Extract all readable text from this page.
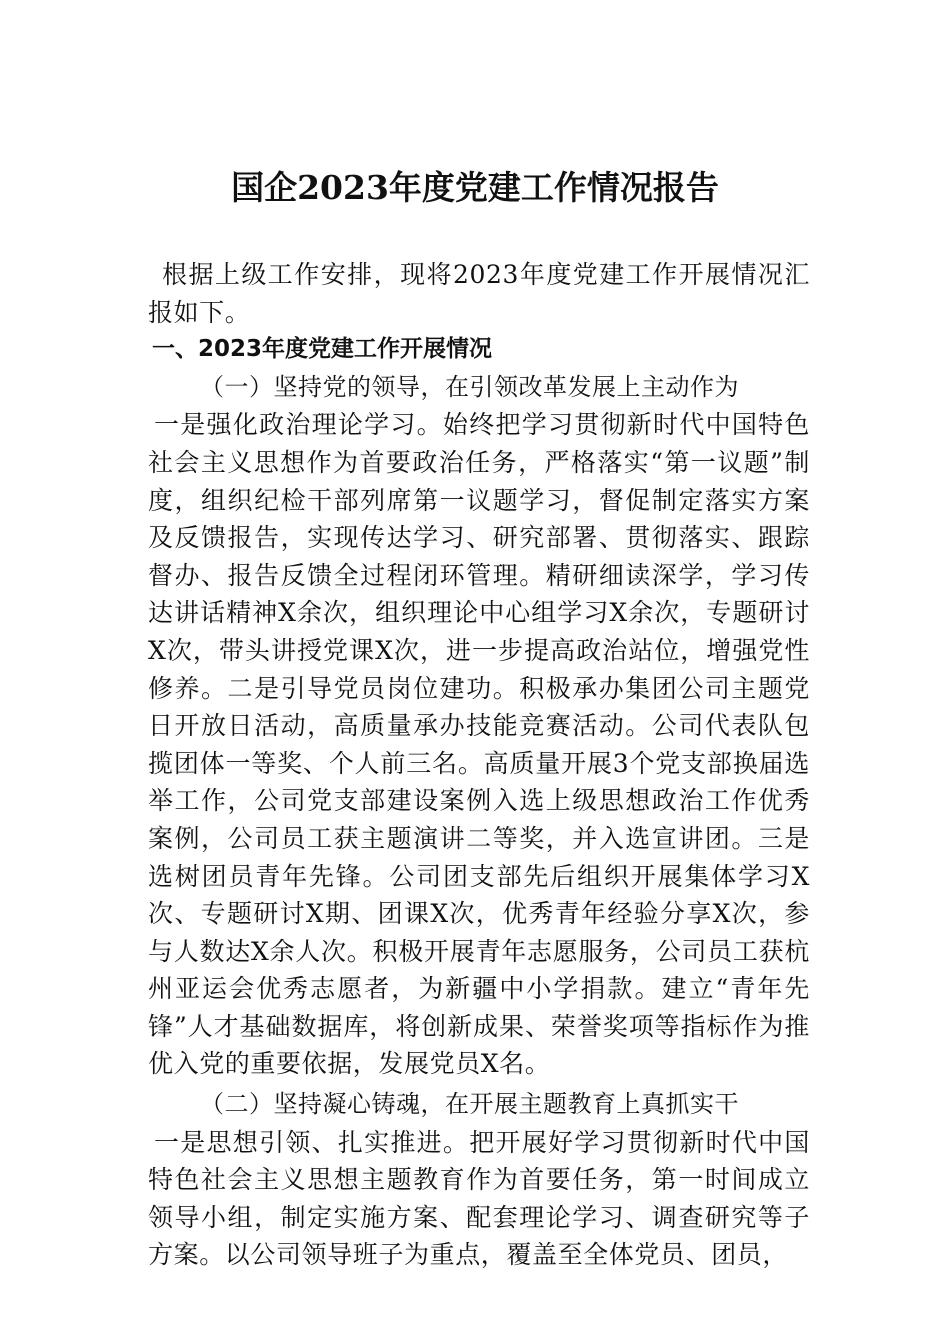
国企2023年度党建工作情况报告

根据上级工作安排，现将2023年度党建工作开展情况汇报如下。

一、2023年度党建工作开展情况

（一）坚持党的领导，在引领改革发展上主动作为

一是强化政治理论学习。始终把学习贯彻新时代中国特色社会主义思想作为首要政治任务，严格落实“第一议题”制度，组织纪检干部列席第一议题学习，督促制定落实方案及反馈报告，实现传达学习、研究部署、贯彻落实、跟踪督办、报告反馈全过程闭环管理。精研细读深学，学习传达讲话精神X余次，组织理论中心组学习X余次，专题研讨X次，带头讲授党课X次，进一步提高政治站位，增强党性修养。二是引导党员岗位建功。积极承办集团公司主题党日开放日活动，高质量承办技能竞赛活动。公司代表队包揽团体一等奖、个人前三名。高质量开展3个党支部换届选举工作，公司党支部建设案例入选上级思想政治工作优秀案例，公司员工获主题演讲二等奖，并入选宣讲团。三是选树团员青年先锋。公司团支部先后组织开展集体学习X次、专题研讨X期、团课X次，优秀青年经验分享X次，参与人数达X余人次。积极开展青年志愿服务，公司员工获杭州亚运会优秀志愿者，为新疆中小学捐款。建立“青年先锋”人才基础数据库，将创新成果、荣誉奖项等指标作为推优入党的重要依据，发展党员X名。

（二）坚持凝心铸魂，在开展主题教育上真抓实干

一是思想引领、扎实推进。把开展好学习贯彻新时代中国特色社会主义思想主题教育作为首要任务，第一时间成立领导小组，制定实施方案、配套理论学习、调查研究等子方案。以公司领导班子为重点，覆盖至全体党员、团员，
